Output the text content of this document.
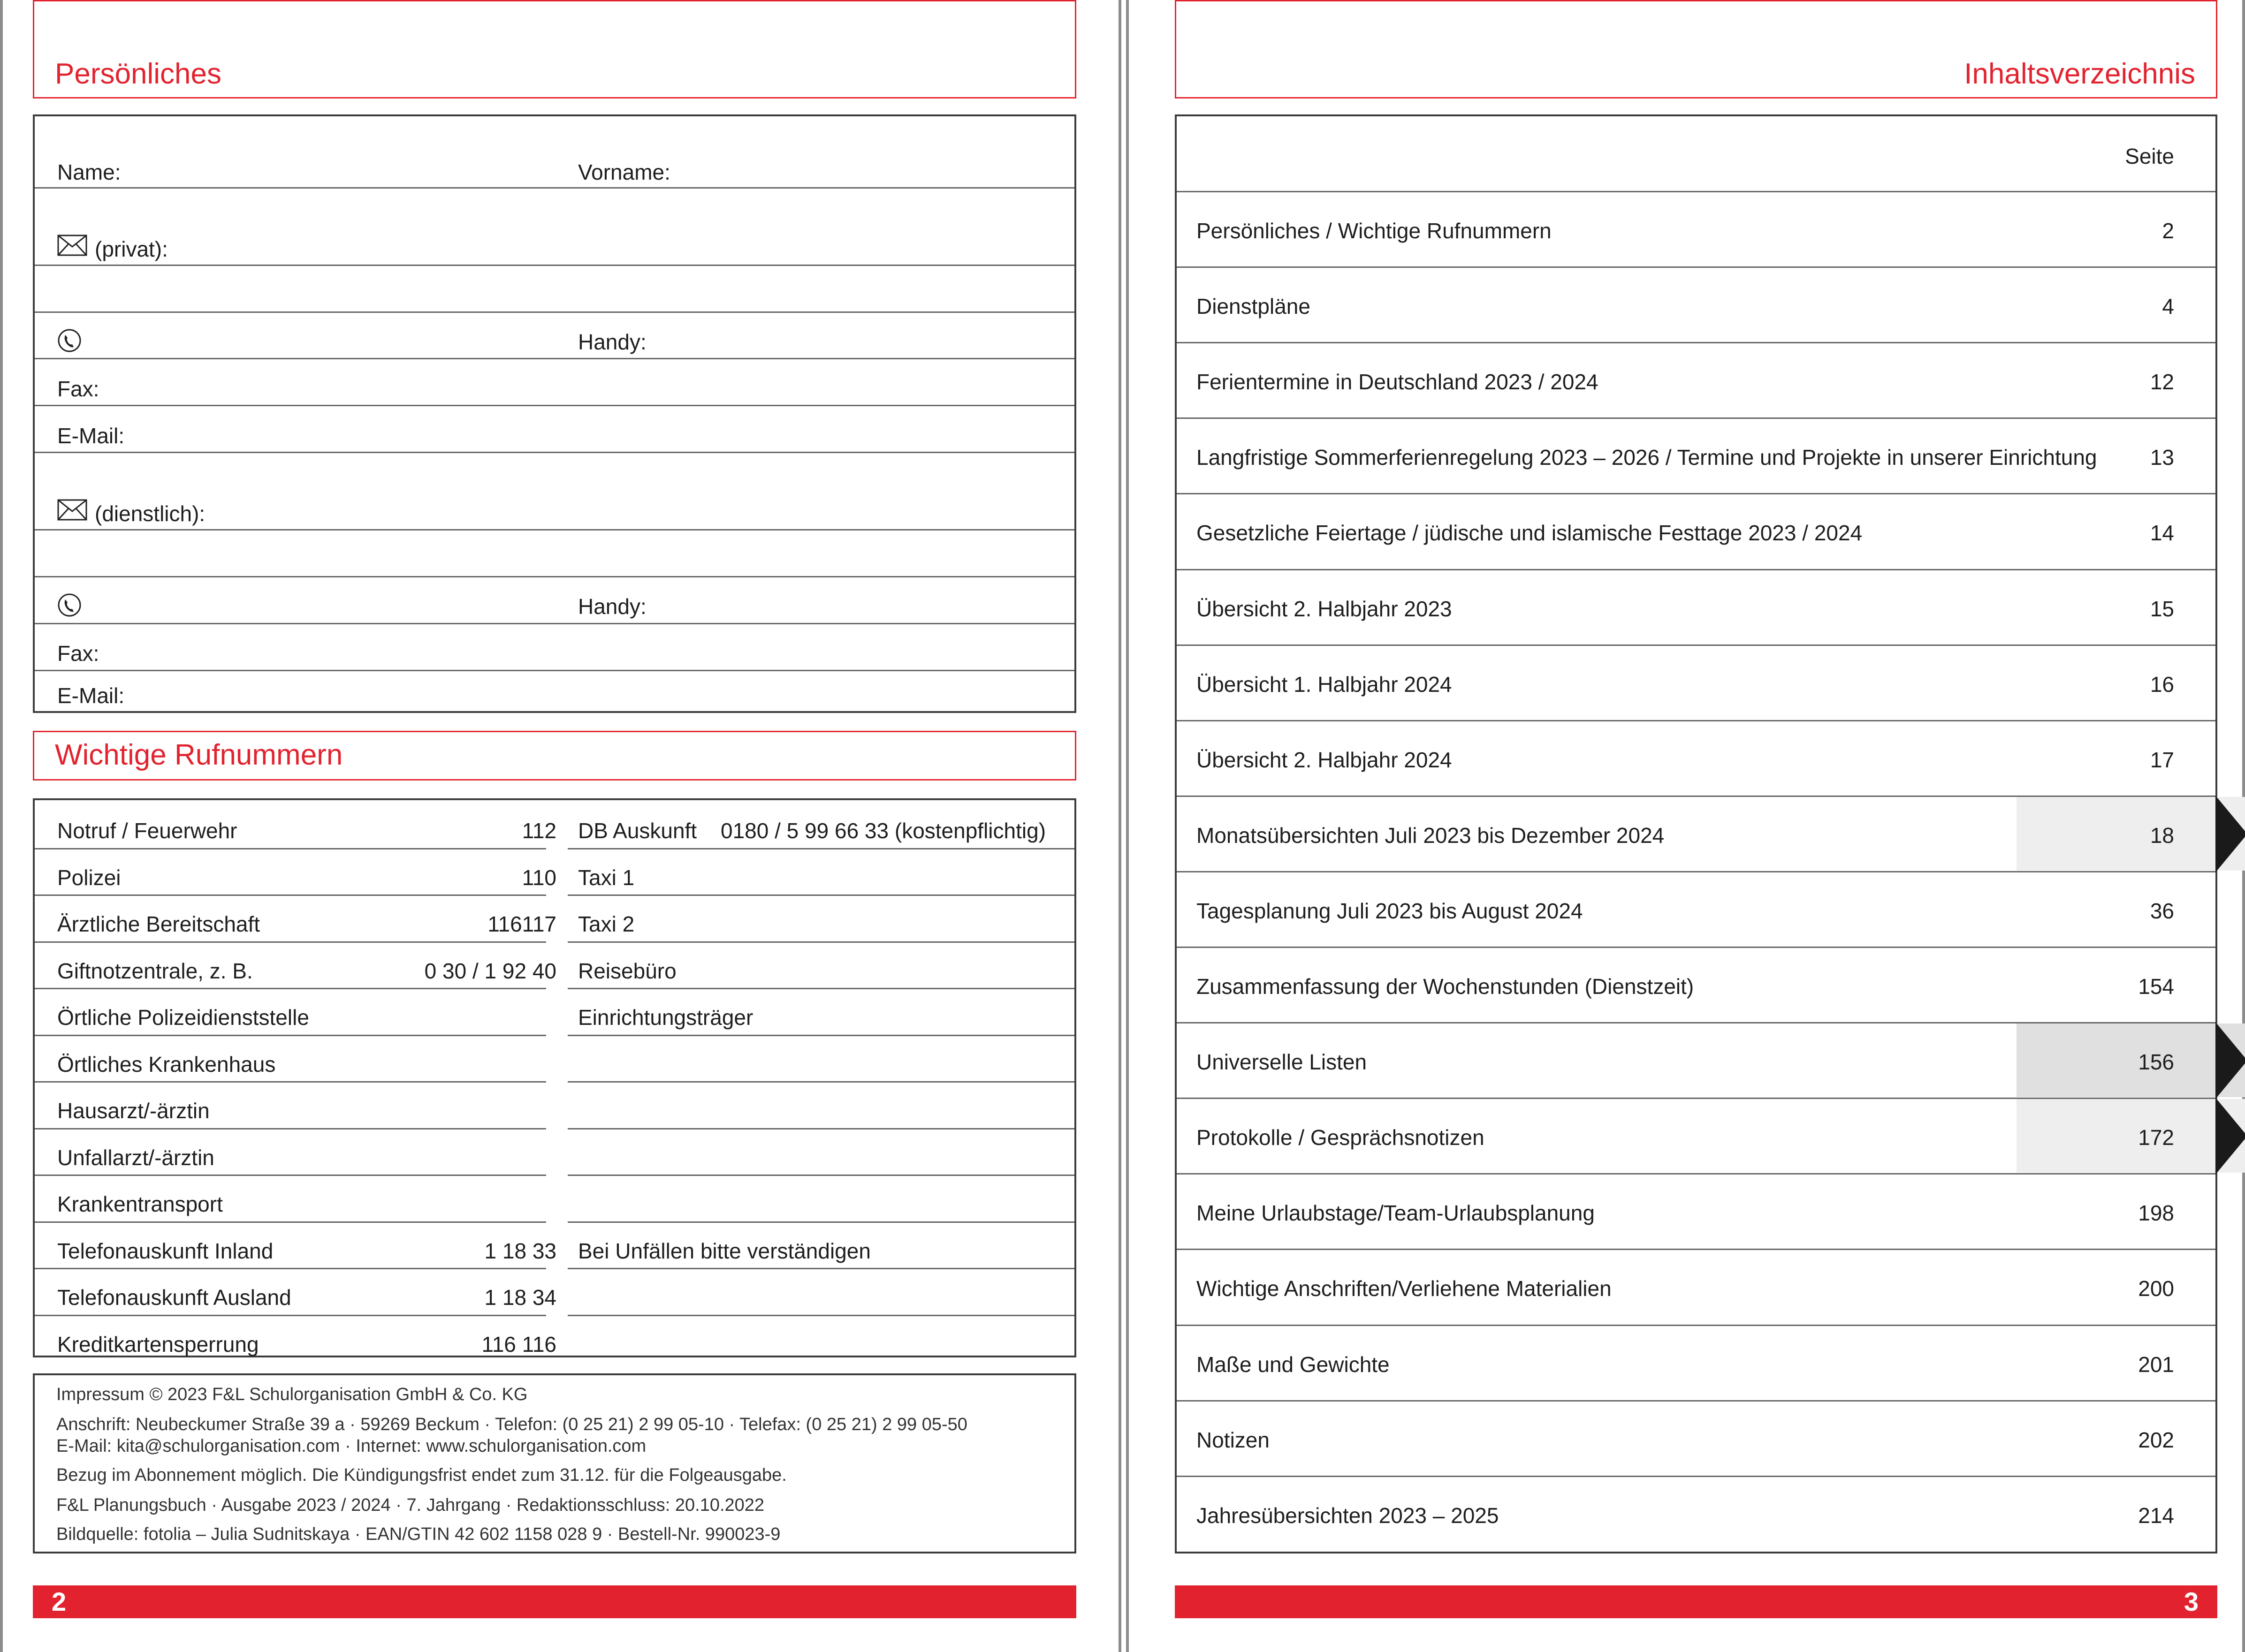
Persönliches
Name:	Vorname:
(privat):
Handy:
Fax:
E-Mail:
(dienstlich):
Handy:
Fax:
E-Mail:
Wichtige Rufnummern
Notruf / Feuerwehr	112 DB Auskunft 0180 / 5 99 66 33 (kostenpflichtig)
Polizei	110 Taxi 1
Ärztliche Bereitschaft	116117 Taxi 2
Giftnotzentrale, z. B.	0 30 / 1 92 40 Reisebüro
Örtliche Polizeidienststelle	Einrichtungsträger
Örtliches Krankenhaus
Hausarzt/-ärztin
Unfallarzt/-ärztin
Krankentransport
Telefonauskunft Inland	1 18 33 Bei Unfällen bitte verständigen
Telefonauskunft Ausland	1 18 34
Kreditkartensperrung	116 116
Impressum © 2023 F&L Schulorganisation GmbH & Co. KG
Anschrift: Neubeckumer Straße 39 a · 59269 Beckum · Telefon: (0 25 21) 2 99 05-10 · Telefax: (0 25 21) 2 99 05-50
E-Mail: kita@schulorganisation.com · Internet: www.schulorganisation.com
Bezug im Abonnement möglich. Die Kündigungsfrist endet zum 31.12. für die Folgeausgabe.
F&L Planungsbuch · Ausgabe 2023 / 2024 · 7. Jahrgang · Redaktionsschluss: 20.10.2022
Bildquelle: fotolia – Julia Sudnitskaya · EAN/GTIN 42 602 1158 028 9 · Bestell-Nr. 990023-9
2
Inhaltsverzeichnis
Seite
Persönliches / Wichtige Rufnummern	2
Dienstpläne	4
Ferientermine in Deutschland 2023 / 2024	12
Langfristige Sommerferienregelung 2023 – 2026 / Termine und Projekte in unserer Einrichtung 13
Gesetzliche Feiertage / jüdische und islamische Festtage 2023 / 2024	14
Übersicht 2. Halbjahr 2023	15
Übersicht 1. Halbjahr 2024	16
Übersicht 2. Halbjahr 2024	17
Monatsübersichten Juli 2023 bis Dezember 2024	18
Tagesplanung Juli 2023 bis August 2024	36
Zusammenfassung der Wochenstunden (Dienstzeit)	154
Universelle Listen	156
Protokolle / Gesprächsnotizen	172
Meine Urlaubstage/Team-Urlaubsplanung	198
Wichtige Anschriften/Verliehene Materialien	200
Maße und Gewichte	201
Notizen	202
Jahresübersichten 2023 – 2025	214
3
